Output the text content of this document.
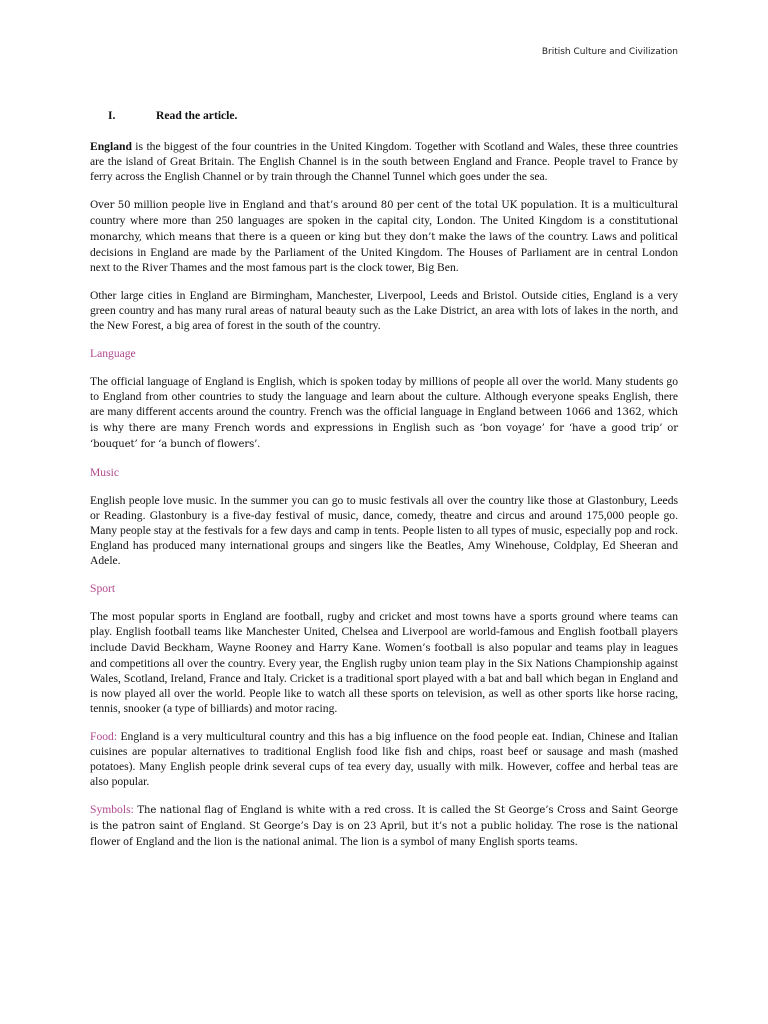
British Culture and Civilization
I.	Read the article.

England is the biggest of the four countries in the United Kingdom. Together with Scotland and Wales, these three countries are the island of Great Britain. The English Channel is in the south between England and France. People travel to France by ferry across the English Channel or by train through the Channel Tunnel which goes under the sea.

Over 50 million people live in England and that’s around 80 per cent of the total UK population. It is a multicultural country where more than 250 languages are spoken in the capital city, London. The United Kingdom is a constitutional monarchy, which means that there is a queen or king but they don’t make the laws of the country. Laws and political decisions in England are made by the Parliament of the United Kingdom. The Houses of Parliament are in central London next to the River Thames and the most famous part is the clock tower, Big Ben.

Other large cities in England are Birmingham, Manchester, Liverpool, Leeds and Bristol. Outside cities, England is a very green country and has many rural areas of natural beauty such as the Lake District, an area with lots of lakes in the north, and the New Forest, a big area of forest in the south of the country.

Language

The official language of England is English, which is spoken today by millions of people all over the world. Many students go to England from other countries to study the language and learn about the culture. Although everyone speaks English, there are many different accents around the country. French was the official language in England between 1066 and 1362, which is why there are many French words and expressions in English such as ‘bon voyage’ for ‘have a good trip’ or ‘bouquet’ for ‘a bunch of flowers’.

Music

English people love music. In the summer you can go to music festivals all over the country like those at Glastonbury, Leeds or Reading. Glastonbury is a five-day festival of music, dance, comedy, theatre and circus and around 175,000 people go. Many people stay at the festivals for a few days and camp in tents. People listen to all types of music, especially pop and rock. England has produced many international groups and singers like the Beatles, Amy Winehouse, Coldplay, Ed Sheeran and Adele.

Sport

The most popular sports in England are football, rugby and cricket and most towns have a sports ground where teams can play. English football teams like Manchester United, Chelsea and Liverpool are world-famous and English football players include David Beckham, Wayne Rooney and Harry Kane. Women’s football is also popular and teams play in leagues and competitions all over the country. Every year, the English rugby union team play in the Six Nations Championship against Wales, Scotland, Ireland, France and Italy. Cricket is a traditional sport played with a bat and ball which began in England and is now played all over the world. People like to watch all these sports on television, as well as other sports like horse racing, tennis, snooker (a type of billiards) and motor racing.

Food: England is a very multicultural country and this has a big influence on the food people eat. Indian, Chinese and Italian cuisines are popular alternatives to traditional English food like fish and chips, roast beef or sausage and mash (mashed potatoes). Many English people drink several cups of tea every day, usually with milk. However, coffee and herbal teas are also popular.

Symbols: The national flag of England is white with a red cross. It is called the St George’s Cross and Saint George is the patron saint of England. St George’s Day is on 23 April, but it’s not a public holiday. The rose is the national flower of England and the lion is the national animal. The lion is a symbol of many English sports teams.
